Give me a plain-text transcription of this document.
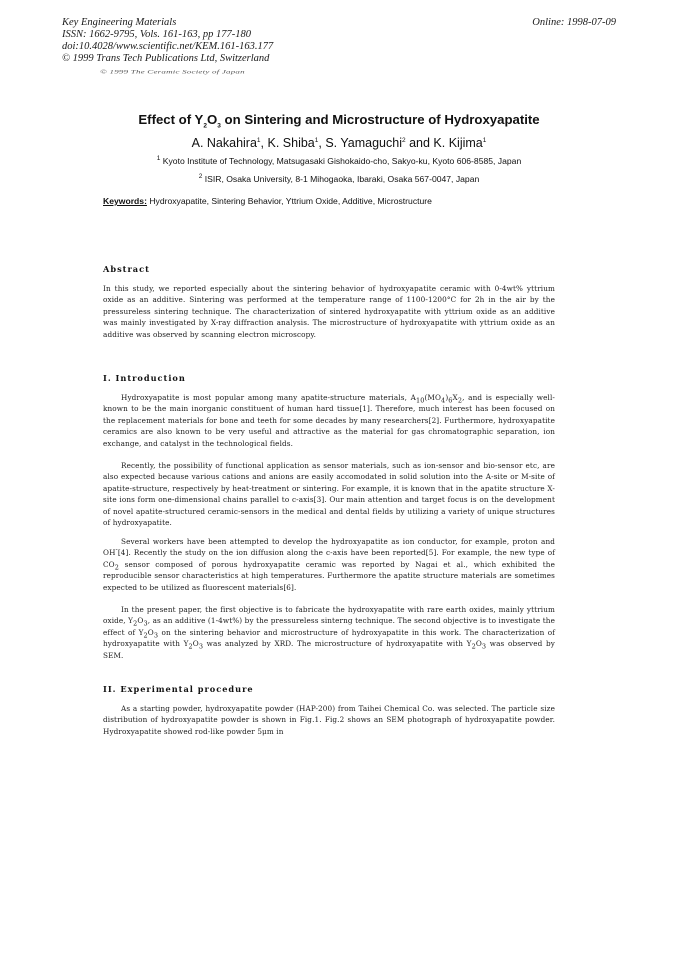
Key Engineering Materials
ISSN: 1662-9795, Vols. 161-163, pp 177-180
doi:10.4028/www.scientific.net/KEM.161-163.177
© 1999 Trans Tech Publications Ltd, Switzerland
Online: 1998-07-09
© 1999 The Ceramic Society of Japan
Effect of $Y_2O_3$ on Sintering and Microstructure of Hydroxyapatite
A. Nakahira$^1$, K. Shiba$^1$, S. Yamaguchi$^2$ and K. Kijima$^1$
$^1$ Kyoto Institute of Technology, Matsugasaki Gishokaido-cho, Sakyo-ku, Kyoto 606-8585, Japan
$^2$ ISIR, Osaka University, 8-1 Mihogaoka, Ibaraki, Osaka 567-0047, Japan
Keywords: Hydroxyapatite, Sintering Behavior, Yttrium Oxide, Additive, Microstructure
Abstract
In this study, we reported especially about the sintering behavior of hydroxyapatite ceramic with 0-4wt% yttrium oxide as an additive. Sintering was performed at the temperature range of 1100-1200°C for 2h in the air by the pressureless sintering technique. The characterization of sintered hydroxyapatite with yttrium oxide as an additive was mainly investigated by X-ray diffraction analysis. The microstructure of hydroxyapatite with yttrium oxide as an additive was observed by scanning electron microscopy.
I. Introduction
Hydroxyapatite is most popular among many apatite-structure materials, $A_{10}(MO_4)_6X_2$, and is especially well-known to be the main inorganic constituent of human hard tissue[1]. Therefore, much interest has been focused on the replacement materials for bone and teeth for some decades by many researchers[2]. Furthermore, hydroxyapatite ceramics are also known to be very useful and attractive as the material for gas chromatographic separation, ion exchange, and catalyst in the technological fields.
Recently, the possibility of functional application as sensor materials, such as ion-sensor and bio-sensor etc, are also expected because various cations and anions are easily accomodated in solid solution into the A-site or M-site of apatite-structure, respectively by heat-treatment or sintering. For example, it is known that in the apatite structure X-site ions form one-dimensional chains parallel to c-axis[3]. Our main attention and target focus is on the development of novel apatite-structured ceramic-sensors in the medical and dental fields by utilizing a variety of unique structures of hydroxyapatite.
Several workers have been attempted to develop the hydroxyapatite as ion conductor, for example, proton and OH-[4]. Recently the study on the ion diffusion along the c-axis have been reported[5]. For example, the new type of $CO_2$ sensor composed of porous hydroxyapatite ceramic was reported by Nagai et al., which exhibited the reproducible sensor characteristics at high temperatures. Furthermore the apatite structure materials are sometimes expected to be utilized as fluorescent materials[6].
In the present paper, the first objective is to fabricate the hydroxyapatite with rare earth oxides, mainly yttrium oxide, $Y_2O_3$, as an additive (1-4wt%) by the pressureless sinterng technique. The second objective is to investigate the effect of $Y_2O_3$ on the sintering behavior and microstructure of hydroxyapatite in this work. The characterization of hydroxyapatite with $Y_2O_3$ was analyzed by XRD. The microstructure of hydroxyapatite with $Y_2O_3$ was observed by SEM.
II. Experimental procedure
As a starting powder, hydroxyapatite powder (HAP-200) from Taihei Chemical Co. was selected. The particle size distribution of hydroxyapatite powder is shown in Fig.1. Fig.2 shows an SEM photograph of hydroxyapatite powder. Hydroxyapatite showed rod-like powder 5μm in
